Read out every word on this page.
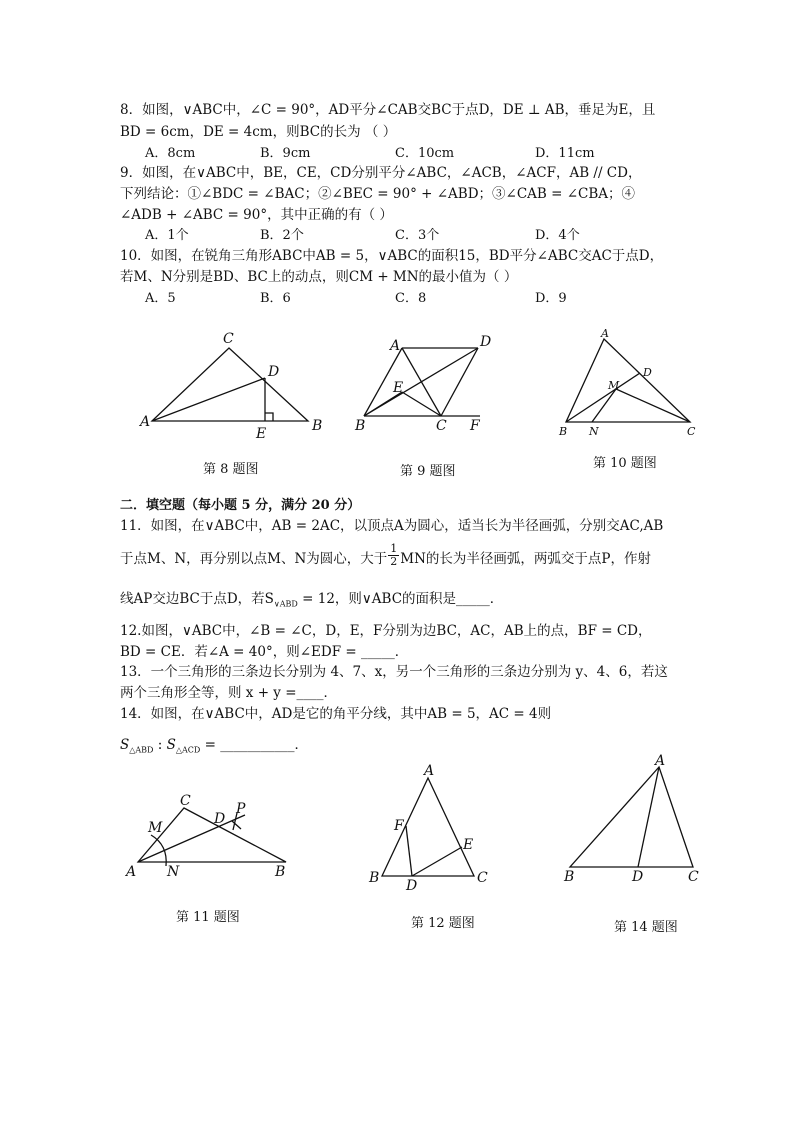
8．如图，∨ABC中，∠C = 90°，AD平分∠CAB交BC于点D，DE ⊥ AB，垂足为E，且
BD = 6cm，DE = 4cm，则BC的长为 （ ）
A．8cm	B．9cm	C．10cm	D．11cm
9．如图，在∨ABC中，BE，CE，CD分别平分∠ABC，∠ACB，∠ACF，AB // CD，
下列结论：①∠BDC = ∠BAC；②∠BEC = 90° + ∠ABD；③∠CAB = ∠CBA；④
∠ADB + ∠ABC = 90°，其中正确的有（ ）
A．1个	B．2个	C．3个	D．4个
10．如图，在锐角三角形ABC中AB = 5，∨ABC的面积15，BD平分∠ABC交AC于点D，
若M、N分别是BD、BC上的动点，则CM + MN的最小值为（ ）
A．5	B．6	C．8	D．9
A
C
D
E	B
第 8 题图
A	D
E
B	C F
第 9 题图
A
D
M
B N	C
第 10 题图
二．填空题（每小题 5 分，满分 20 分）
11．如图，在∨ABC中，AB = 2AC，以顶点A为圆心，适当长为半径画弧，分别交AC,AB
于点M、N，再分别以点M、N为圆心，大于 $\frac{1}{2}$ MN的长为半径画弧，两弧交于点P，作射
线AP交边BC于点D，若$S_{\vee ABD} = 12$，则∨ABC的面积是_____．
12.如图，∨ABC中，∠B = ∠C，D，E，F分别为边BC，AC，AB上的点，BF = CD，
BD = CE．若∠A = 40°，则∠EDF = _____．
13．一个三角形的三条边长分别为 4、7、x，另一个三角形的三条边分别为 y、4、6，若这
两个三角形全等，则 x + y =____．
14．如图，在∨ABC中，AD是它的角平分线，其中AB = 5，AC = 4则
$S_{\triangle ABD}$ : $S_{\triangle ACD}$ = ___________．
A
M
C
D
P
N	B
第 11 题图
A
F
E
B D	C
第 12 题图
A
B	D	C
第 14 题图
